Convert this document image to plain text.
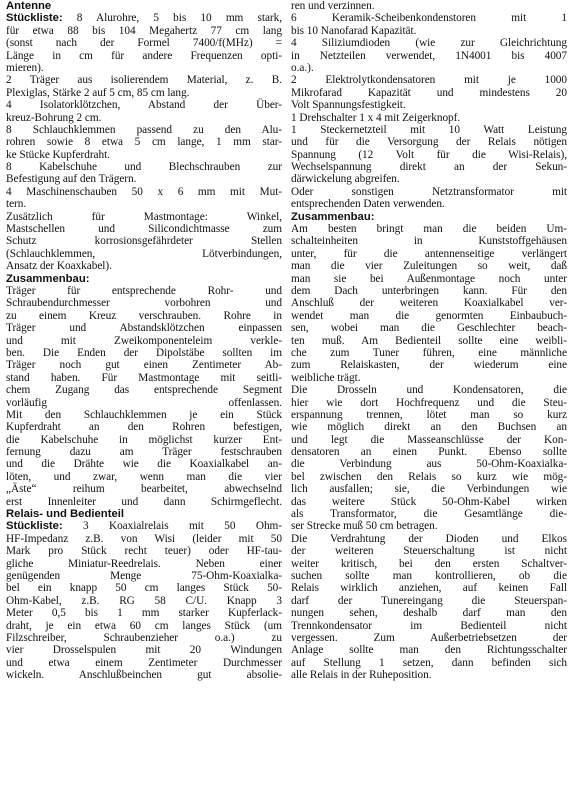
Antenne
Stückliste: 8 Alurohre, 5 bis 10 mm stark,
für etwa 88 bis 104 Megahertz 77 cm lang
(sonst nach der Formel 7400/f(MHz) =
Länge in cm für andere Frequenzen opti-
mieren).
2 Träger aus isolierendem Material, z. B.
Plexiglas, Stärke 2 auf 5 cm, 85 cm lang.
4 Isolatorklötzchen, Abstand der Über-
kreuz-Bohrung 2 cm.
8 Schlauchklemmen passend zu den Alu-
rohren sowie 8 etwa 5 cm lange, 1 mm star-
ke Stücke Kupferdraht.
8 Kabelschuhe und Blechschrauben zur
Befestigung auf den Trägern.
4 Maschinenschauben 50 x 6 mm mit Mut-
tern.
Zusätzlich für Mastmontage: Winkel,
Mastschellen und Silicondichtmasse zum
Schutz korrosionsgefährdeter Stellen
(Schlauchklemmen, Lötverbindungen,
Ansatz der Koaxkabel).
Zusammenbau:
Träger für entsprechende Rohr- und
Schraubendurchmesser vorbohren und
zu einem Kreuz verschrauben. Rohre in
Träger und Abstandsklötzchen einpassen
und mit Zweikomponenteleim verkle-
ben. Die Enden der Dipolstäbe sollten im
Träger noch gut einen Zentimeter Ab-
stand haben. Für Mastmontage mit seitli-
chem Zugang das entsprechende Segment
vorläufig offenlassen.
Mit den Schlauchklemmen je ein Stück
Kupferdraht an den Rohren befestigen,
die Kabelschuhe in möglichst kurzer Ent-
fernung dazu am Träger festschrauben
und die Drähte wie die Koaxialkabel an-
löten, und zwar, wenn man die vier
„Äste“ reihum bearbeitet, abwechselnd
erst Innenleiter und dann Schirmgeflecht.
Relais- und Bedienteil
Stückliste: 3 Koaxialrelais mit 50 Ohm-
HF-Impedanz z.B. von Wisi (leider mit 50
Mark pro Stück recht teuer) oder HF-tau-
gliche Miniatur-Reedrelais. Neben einer
genügenden Menge 75-Ohm-Koaxialka-
bel ein knapp 50 cm langes Stück 50-
Ohm-Kabel, z.B. RG 58 C/U. Knapp 3
Meter 0,5 bis 1 mm starker Kupferlack-
draht, je ein etwa 60 cm langes Stück (um
Filzschreiber, Schraubenzieher o.a.) zu
vier Drosselspulen mit 20 Windungen
und etwa einem Zentimeter Durchmesser
wickeln. Anschlußbeinchen gut absolie-
ren und verzinnen.
6 Keramik-Scheibenkondenstoren mit 1
bis 10 Nanofarad Kapazität.
4 Siliziumdioden (wie zur Gleichrichtung
in Netzteilen verwendet, 1N4001 bis 4007
o.a.).
2 Elektrolytkondensatoren mit je 1000
Mikrofarad Kapazität und mindestens 20
Volt Spannungsfestigkeit.
1 Drehschalter 1 x 4 mit Zeigerknopf.
1 Steckernetzteil mit 10 Watt Leistung
und für die Versorgung der Relais nötigen
Spannung (12 Volt für die Wisi-Relais),
Wechselspannung direkt an der Sekun-
därwickelung abgreifen.
Oder sonstigen Netztransformator mit
entsprechenden Daten verwenden.
Zusammenbau:
Am besten bringt man die beiden Um-
schalteinheiten in Kunststoffgehäusen
unter, für die antennenseitige verlängert
man die vier Zuleitungen so weit, daß
man sie bei Außenmontage noch unter
dem Dach unterbringen kann. Für den
Anschluß der weiteren Koaxialkabel ver-
wendet man die genormten Einbaubuch-
sen, wobei man die Geschlechter beach-
ten muß. Am Bedienteil sollte eine weibli-
che zum Tuner führen, eine männliche
zum Relaiskasten, der wiederum eine
weibliche trägt.
Die Drosseln und Kondensatoren, die
hier wie dort Hochfrequenz und die Steu-
erspannung trennen, lötet man so kurz
wie möglich direkt an den Buchsen an
und legt die Masseanschlüsse der Kon-
densatoren an einen Punkt. Ebenso sollte
die Verbindung aus 50-Ohm-Koaxialka-
bel zwischen den Relais so kurz wie mög-
lich ausfallen; sie, die Verbindungen wie
das weitere Stück 50-Ohm-Kabel wirken
als Transformator, die Gesamtlänge die-
ser Strecke muß 50 cm betragen.
Die Verdrahtung der Dioden und Elkos
der weiteren Steuerschaltung ist nicht
weiter kritisch, bei den ersten Schaltver-
suchen sollte man kontrollieren, ob die
Relais wirklich anziehen, auf keinen Fall
darf der Tunereingang die Steuerspan-
nungen sehen, deshalb darf man den
Trennkondensator im Bedienteil nicht
vergessen. Zum Außerbetriebsetzen der
Anlage sollte man den Richtungsschalter
auf Stellung 1 setzen, dann befinden sich
alle Relais in der Ruheposition.
